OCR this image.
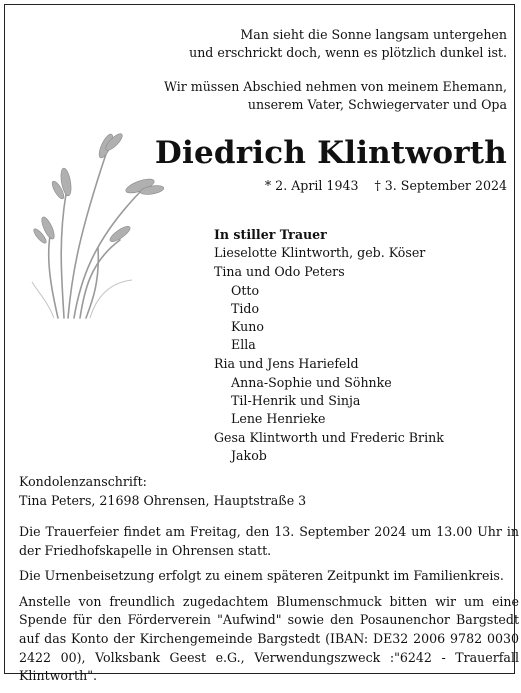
Man sieht die Sonne langsam untergehen
und erschrickt doch, wenn es plötzlich dunkel ist.
Wir müssen Abschied nehmen von meinem Ehemann,
unserem Vater, Schwiegervater und Opa
Diedrich Klintworth
* 2. April 1943    † 3. September 2024
In stiller Trauer
Lieselotte Klintworth, geb. Köser
Tina und Odo Peters
Otto
Tido
Kuno
Ella
Ria und Jens Hariefeld
Anna-Sophie und Söhnke
Til-Henrik und Sinja
Lene Henrieke
Gesa Klintworth und Frederic Brink
Jakob
Kondolenzanschrift:
Tina Peters, 21698 Ohrensen, Hauptstraße 3

Die Trauerfeier findet am Freitag, den 13. September 2024 um 13.00 Uhr in der Friedhofskapelle in Ohrensen statt.

Die Urnenbeisetzung erfolgt zu einem späteren Zeitpunkt im Familienkreis.

Anstelle von freundlich zugedachtem Blumenschmuck bitten wir um eine Spende für den Förderverein "Aufwind" sowie den Posaunenchor Bargstedt auf das Konto der Kirchengemeinde Bargstedt (IBAN: DE32 2006 9782 0030 2422 00), Volksbank Geest e.G., Verwendungszweck :"6242 - Trauerfall Klintworth".
